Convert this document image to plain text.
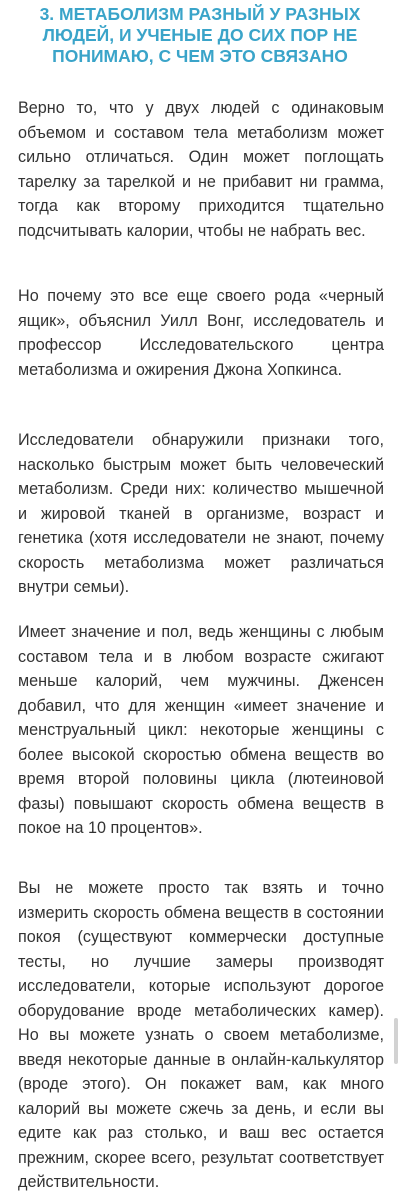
3. МЕТАБОЛИЗМ РАЗНЫЙ У РАЗНЫХ ЛЮДЕЙ, И УЧЕНЫЕ ДО СИХ ПОР НЕ ПОНИМАЮ, С ЧЕМ ЭТО СВЯЗАНО

Верно то, что у двух людей с одинаковым объемом и составом тела метаболизм может сильно отличаться. Один может поглощать тарелку за тарелкой и не прибавит ни грамма, тогда как второму приходится тщательно подсчитывать калории, чтобы не набрать вес.

Но почему это все еще своего рода «черный ящик», объяснил Уилл Вонг, исследователь и профессор Исследовательского центра метаболизма и ожирения Джона Хопкинса.

Исследователи обнаружили признаки того, насколько быстрым может быть человеческий метаболизм. Среди них: количество мышечной и жировой тканей в организме, возраст и генетика (хотя исследователи не знают, почему скорость метаболизма может различаться внутри семьи).

Имеет значение и пол, ведь женщины с любым составом тела и в любом возрасте сжигают меньше калорий, чем мужчины. Дженсен добавил, что для женщин «имеет значение и менструальный цикл: некоторые женщины с более высокой скоростью обмена веществ во время второй половины цикла (лютеиновой фазы) повышают скорость обмена веществ в покое на 10 процентов».

Вы не можете просто так взять и точно измерить скорость обмена веществ в состоянии покоя (существуют коммерчески доступные тесты, но лучшие замеры производят исследователи, которые используют дорогое оборудование вроде метаболических камер). Но вы можете узнать о своем метаболизме, введя некоторые данные в онлайн-калькулятор (вроде этого). Он покажет вам, как много калорий вы можете сжечь за день, и если вы едите как раз столько, и ваш вес остается прежним, скорее всего, результат соответствует действительности.
